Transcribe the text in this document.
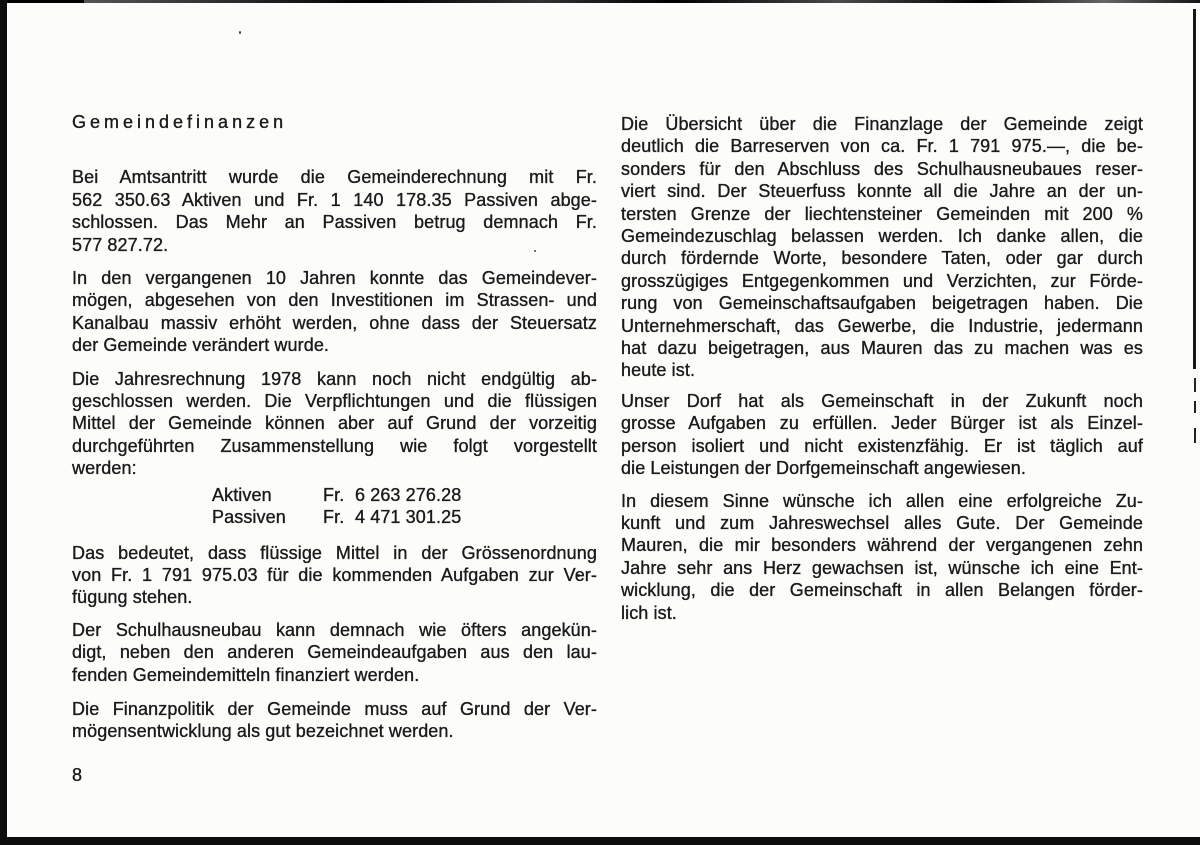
Gemeindefinanzen
Bei Amtsantritt wurde die Gemeinderechnung mit Fr.
562 350.63 Aktiven und Fr. 1 140 178.35 Passiven abge-
schlossen. Das Mehr an Passiven betrug demnach Fr.
577 827.72.
In den vergangenen 10 Jahren konnte das Gemeindever-
mögen, abgesehen von den Investitionen im Strassen- und
Kanalbau massiv erhöht werden, ohne dass der Steuersatz
der Gemeinde verändert wurde.
Die Jahresrechnung 1978 kann noch nicht endgültig ab-
geschlossen werden. Die Verpflichtungen und die flüssigen
Mittel der Gemeinde können aber auf Grund der vorzeitig
durchgeführten Zusammenstellung wie folgt vorgestellt
werden:
Aktiven	Fr. 6 263 276.28
Passiven	Fr. 4 471 301.25
Das bedeutet, dass flüssige Mittel in der Grössenordnung
von Fr. 1 791 975.03 für die kommenden Aufgaben zur Ver-
fügung stehen.
Der Schulhausneubau kann demnach wie öfters angekün-
digt, neben den anderen Gemeindeaufgaben aus den lau-
fenden Gemeindemitteln finanziert werden.
Die Finanzpolitik der Gemeinde muss auf Grund der Ver-
mögensentwicklung als gut bezeichnet werden.
8
Die Übersicht über die Finanzlage der Gemeinde zeigt
deutlich die Barreserven von ca. Fr. 1 791 975.—, die be-
sonders für den Abschluss des Schulhausneubaues reser-
viert sind. Der Steuerfuss konnte all die Jahre an der un-
tersten Grenze der liechtensteiner Gemeinden mit 200 %
Gemeindezuschlag belassen werden. Ich danke allen, die
durch fördernde Worte, besondere Taten, oder gar durch
grosszügiges Entgegenkommen und Verzichten, zur Förde-
rung von Gemeinschaftsaufgaben beigetragen haben. Die
Unternehmerschaft, das Gewerbe, die Industrie, jedermann
hat dazu beigetragen, aus Mauren das zu machen was es
heute ist.
Unser Dorf hat als Gemeinschaft in der Zukunft noch
grosse Aufgaben zu erfüllen. Jeder Bürger ist als Einzel-
person isoliert und nicht existenzfähig. Er ist täglich auf
die Leistungen der Dorfgemeinschaft angewiesen.
In diesem Sinne wünsche ich allen eine erfolgreiche Zu-
kunft und zum Jahreswechsel alles Gute. Der Gemeinde
Mauren, die mir besonders während der vergangenen zehn
Jahre sehr ans Herz gewachsen ist, wünsche ich eine Ent-
wicklung, die der Gemeinschaft in allen Belangen förder-
lich ist.
